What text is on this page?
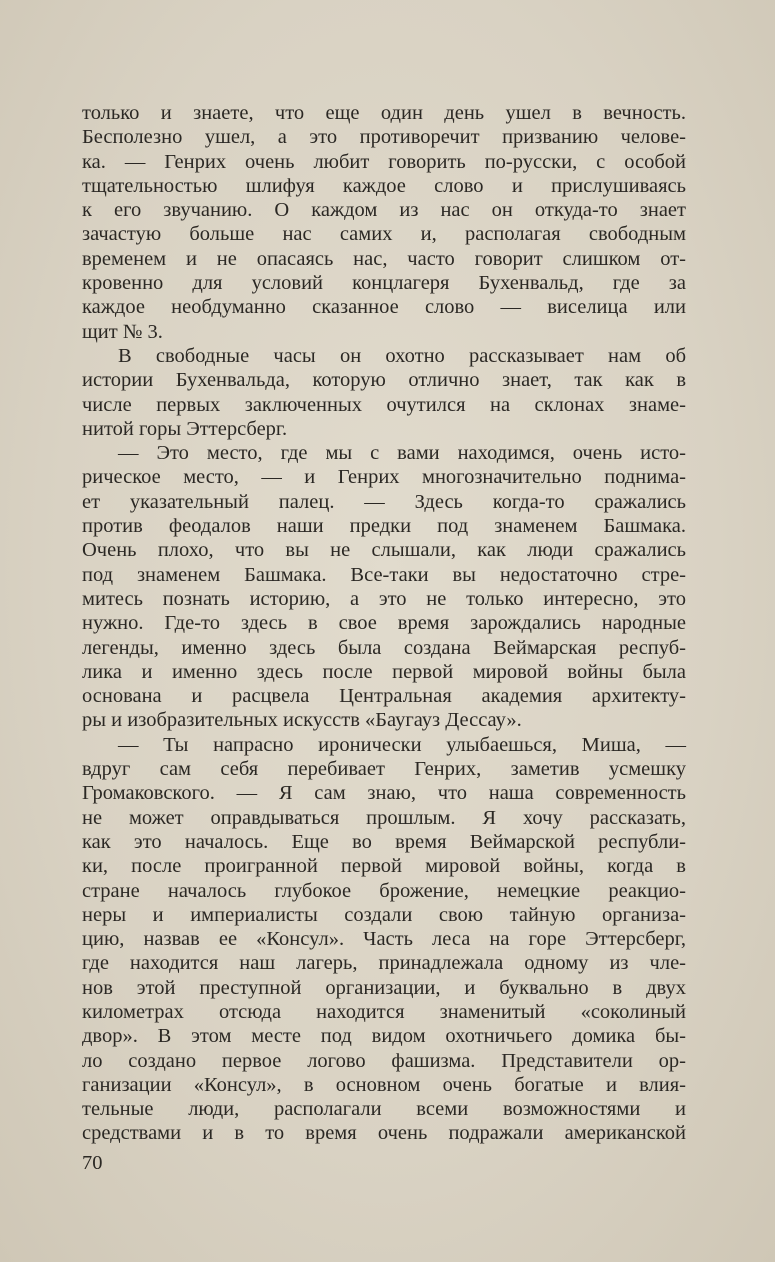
только и знаете, что еще один день ушел в вечность.
Бесполезно ушел, а это противоречит призванию челове-
ка. — Генрих очень любит говорить по-русски, с особой
тщательностью шлифуя каждое слово и прислушиваясь
к его звучанию. О каждом из нас он откуда-то знает
зачастую больше нас самих и, располагая свободным
временем и не опасаясь нас, часто говорит слишком от-
кровенно для условий концлагеря Бухенвальд, где за
каждое необдуманно сказанное слово — виселица или
щит № 3.
В свободные часы он охотно рассказывает нам об
истории Бухенвальда, которую отлично знает, так как в
числе первых заключенных очутился на склонах знаме-
нитой горы Эттерсберг.
— Это место, где мы с вами находимся, очень исто-
рическое место, — и Генрих многозначительно поднима-
ет указательный палец. — Здесь когда-то сражались
против феодалов наши предки под знаменем Башмака.
Очень плохо, что вы не слышали, как люди сражались
под знаменем Башмака. Все-таки вы недостаточно стре-
митесь познать историю, а это не только интересно, это
нужно. Где-то здесь в свое время зарождались народные
легенды, именно здесь была создана Веймарская респуб-
лика и именно здесь после первой мировой войны была
основана и расцвела Центральная академия архитекту-
ры и изобразительных искусств «Баугауз Дессау».
— Ты напрасно иронически улыбаешься, Миша, —
вдруг сам себя перебивает Генрих, заметив усмешку
Громаковского. — Я сам знаю, что наша современность
не может оправдываться прошлым. Я хочу рассказать,
как это началось. Еще во время Веймарской республи-
ки, после проигранной первой мировой войны, когда в
стране началось глубокое брожение, немецкие реакцио-
неры и империалисты создали свою тайную организа-
цию, назвав ее «Консул». Часть леса на горе Эттерсберг,
где находится наш лагерь, принадлежала одному из чле-
нов этой преступной организации, и буквально в двух
километрах отсюда находится знаменитый «соколиный
двор». В этом месте под видом охотничьего домика бы-
ло создано первое логово фашизма. Представители ор-
ганизации «Консул», в основном очень богатые и влия-
тельные люди, располагали всеми возможностями и
средствами и в то время очень подражали американской
70
